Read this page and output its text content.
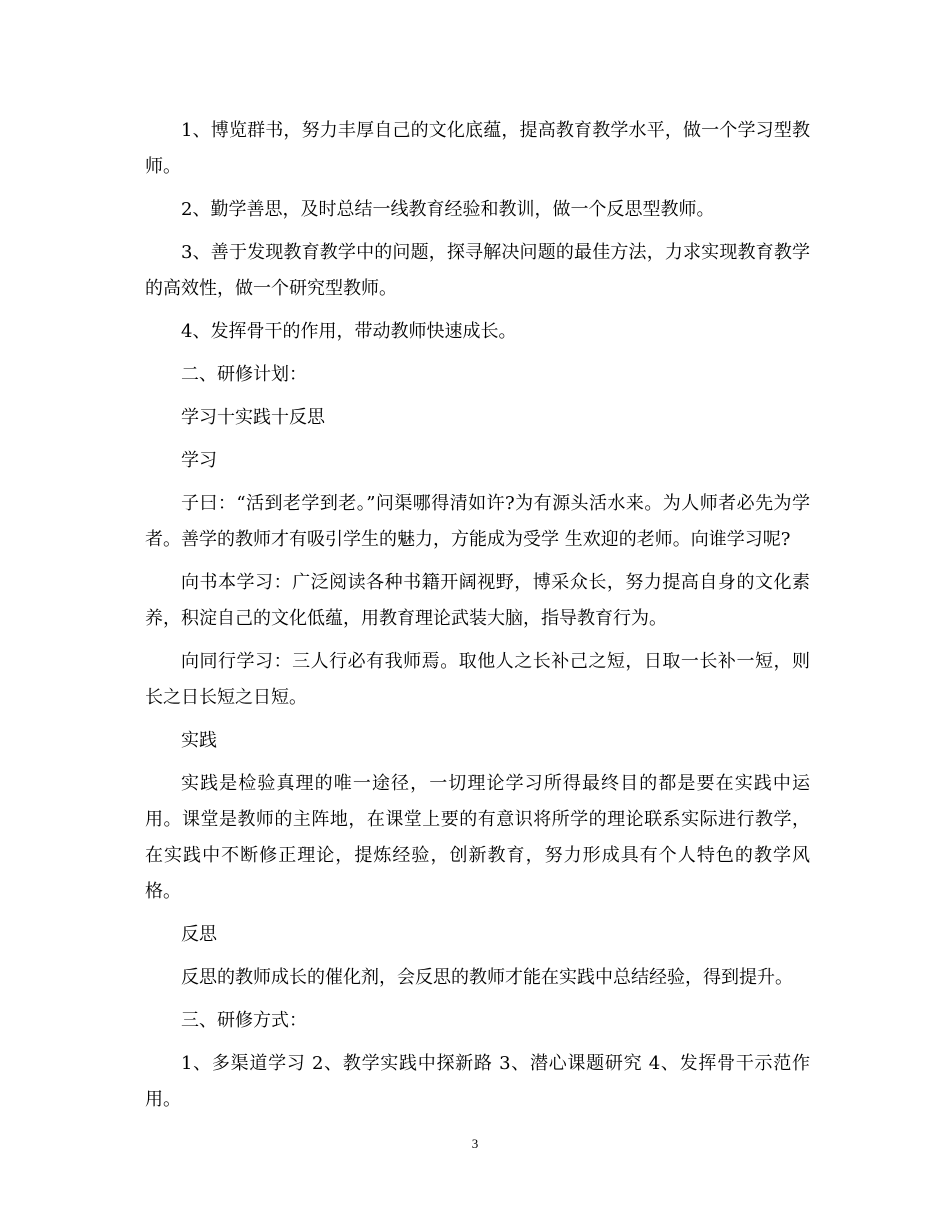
1、博览群书，努力丰厚自己的文化底蕴，提高教育教学水平，做一个学习型教师。

2、勤学善思，及时总结一线教育经验和教训，做一个反思型教师。

3、善于发现教育教学中的问题，探寻解决问题的最佳方法，力求实现教育教学的高效性，做一个研究型教师。

4、发挥骨干的作用，带动教师快速成长。

二、研修计划：

学习十实践十反思

学习

子曰：“活到老学到老。”问渠哪得清如许?为有源头活水来。为人师者必先为学者。善学的教师才有吸引学生的魅力，方能成为受学 生欢迎的老师。向谁学习呢?

向书本学习：广泛阅读各种书籍开阔视野，博采众长，努力提高自身的文化素养，积淀自己的文化低蕴，用教育理论武装大脑，指导教育行为。

向同行学习：三人行必有我师焉。取他人之长补己之短，日取一长补一短，则长之日长短之日短。

实践

实践是检验真理的唯一途径，一切理论学习所得最终目的都是要在实践中运用。课堂是教师的主阵地，在课堂上要的有意识将所学的理论联系实际进行教学，在实践中不断修正理论，提炼经验，创新教育，努力形成具有个人特色的教学风格。

反思

反思的教师成长的催化剂，会反思的教师才能在实践中总结经验，得到提升。

三、研修方式：

1、多渠道学习 2、教学实践中探新路 3、潜心课题研究 4、发挥骨干示范作用。

3
